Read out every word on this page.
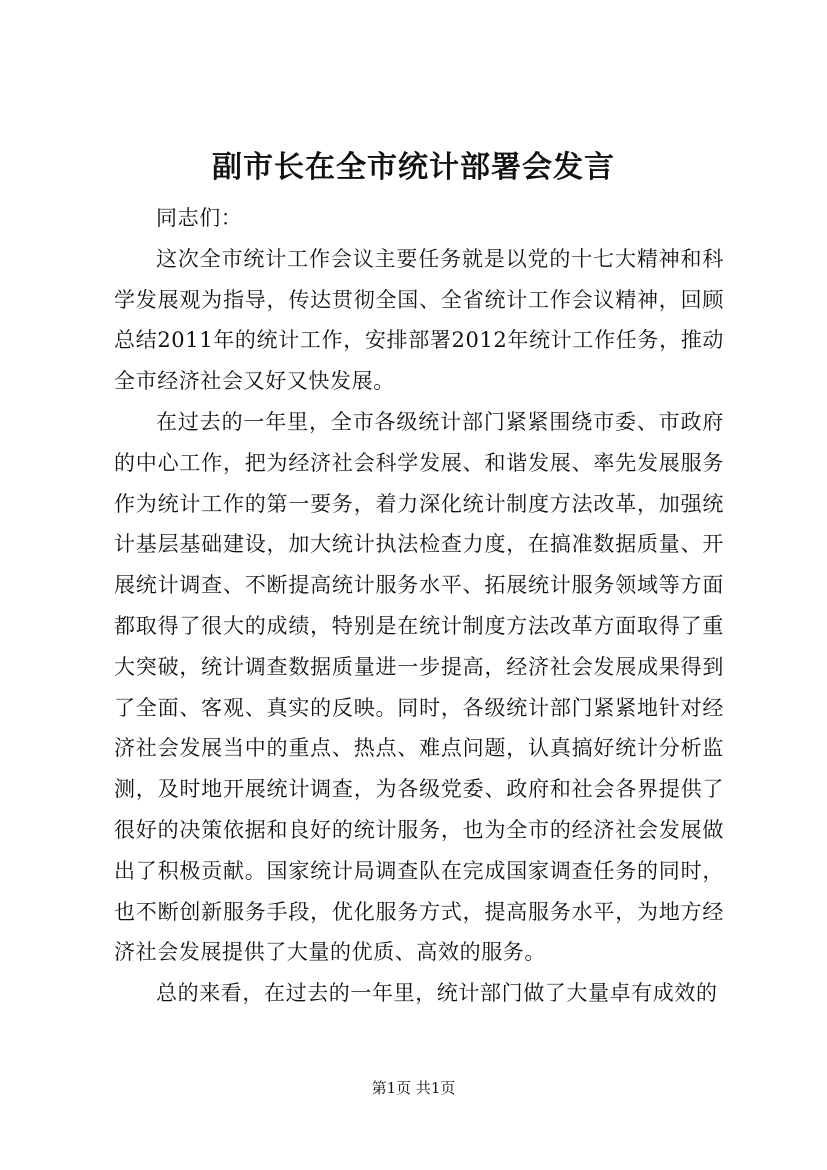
副市长在全市统计部署会发言

同志们：

这次全市统计工作会议主要任务就是以党的十七大精神和科学发展观为指导，传达贯彻全国、全省统计工作会议精神，回顾总结2011年的统计工作，安排部署2012年统计工作任务，推动全市经济社会又好又快发展。

在过去的一年里，全市各级统计部门紧紧围绕市委、市政府的中心工作，把为经济社会科学发展、和谐发展、率先发展服务作为统计工作的第一要务，着力深化统计制度方法改革，加强统计基层基础建设，加大统计执法检查力度，在搞准数据质量、开展统计调查、不断提高统计服务水平、拓展统计服务领域等方面都取得了很大的成绩，特别是在统计制度方法改革方面取得了重大突破，统计调查数据质量进一步提高，经济社会发展成果得到了全面、客观、真实的反映。同时，各级统计部门紧紧地针对经济社会发展当中的重点、热点、难点问题，认真搞好统计分析监测，及时地开展统计调查，为各级党委、政府和社会各界提供了很好的决策依据和良好的统计服务，也为全市的经济社会发展做出了积极贡献。国家统计局调查队在完成国家调查任务的同时，也不断创新服务手段，优化服务方式，提高服务水平，为地方经济社会发展提供了大量的优质、高效的服务。

总的来看，在过去的一年里，统计部门做了大量卓有成效的

第1页 共1页
